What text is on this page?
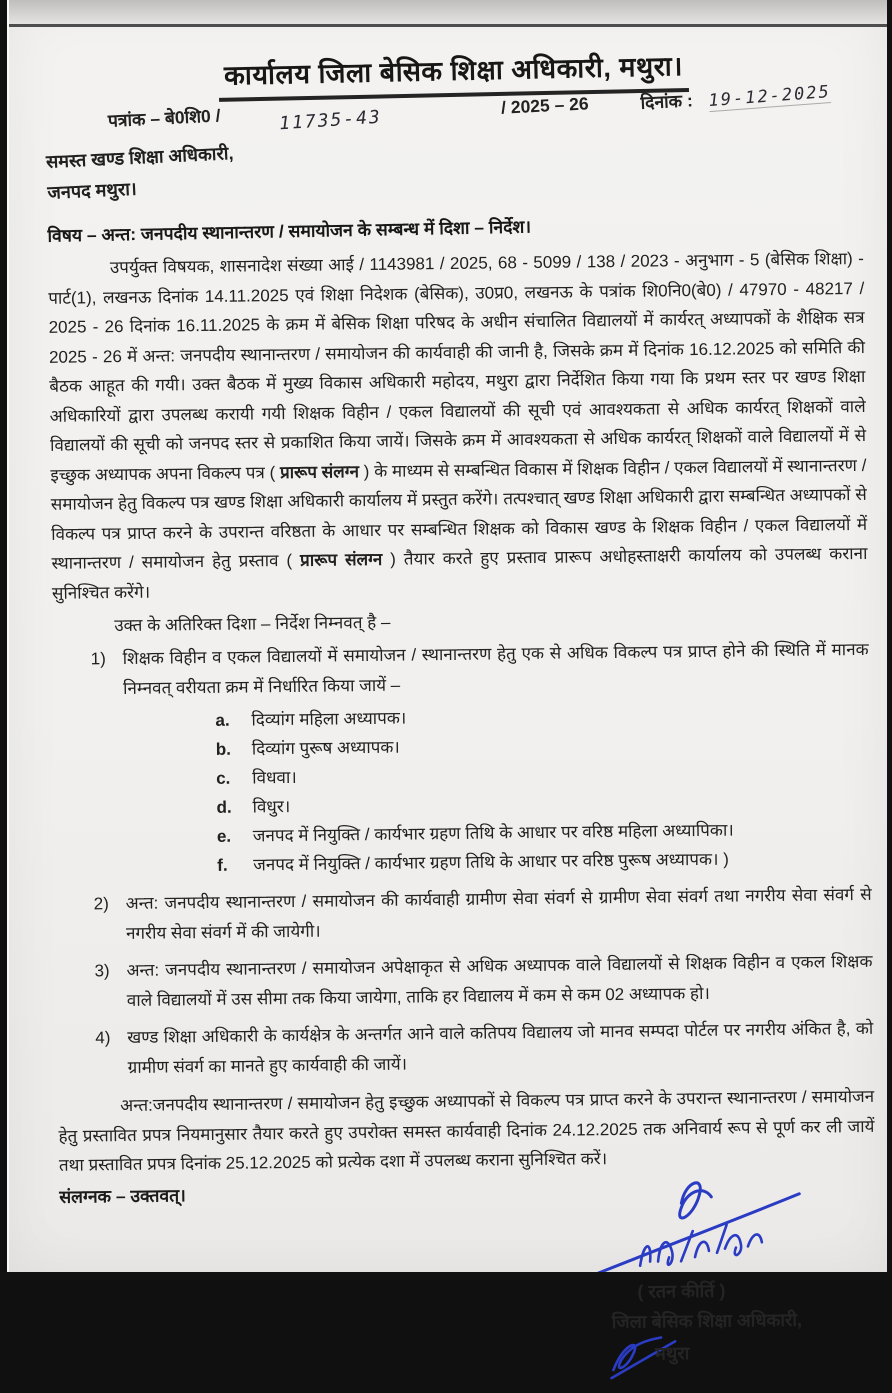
कार्यालय जिला बेसिक शिक्षा अधिकारी, मथुरा।
पत्रांक – बे0शि0 /	11735-43
/ 2025 – 26	दिनांक : 19-12-2025
समस्त खण्ड शिक्षा अधिकारी,
जनपद मथुरा।
विषय – अन्त: जनपदीय स्थानान्तरण / समायोजन के सम्बन्ध में दिशा – निर्देश।
उपर्युक्त विषयक, शासनादेश संख्या आई / 1143981 / 2025, 68 - 5099 / 138 / 2023 - अनुभाग - 5 (बेसिक शिक्षा) - पार्ट(1), लखनऊ दिनांक 14.11.2025 एवं शिक्षा निदेशक (बेसिक), उ0प्र0, लखनऊ के पत्रांक शि0नि0(बे0) / 47970 - 48217 / 2025 - 26 दिनांक 16.11.2025 के क्रम में बेसिक शिक्षा परिषद के अधीन संचालित विद्यालयों में कार्यरत् अध्यापकों के शैक्षिक सत्र 2025 - 26 में अन्त: जनपदीय स्थानान्तरण / समायोजन की कार्यवाही की जानी है, जिसके क्रम में दिनांक 16.12.2025 को समिति की बैठक आहूत की गयी। उक्त बैठक में मुख्य विकास अधिकारी महोदय, मथुरा द्वारा निर्देशित किया गया कि प्रथम स्तर पर खण्ड शिक्षा अधिकारियों द्वारा उपलब्ध करायी गयी शिक्षक विहीन / एकल विद्यालयों की सूची एवं आवश्यकता से अधिक कार्यरत् शिक्षकों वाले विद्यालयों की सूची को जनपद स्तर से प्रकाशित किया जायें। जिसके क्रम में आवश्यकता से अधिक कार्यरत् शिक्षकों वाले विद्यालयों में से इच्छुक अध्यापक अपना विकल्प पत्र ( प्रारूप संलग्न ) के माध्यम से सम्बन्धित विकास में शिक्षक विहीन / एकल विद्यालयों में स्थानान्तरण / समायोजन हेतु विकल्प पत्र खण्ड शिक्षा अधिकारी कार्यालय में प्रस्तुत करेंगे। तत्पश्चात् खण्ड शिक्षा अधिकारी द्वारा सम्बन्धित अध्यापकों से विकल्प पत्र प्राप्त करने के उपरान्त वरिष्ठता के आधार पर सम्बन्धित शिक्षक को विकास खण्ड के शिक्षक विहीन / एकल विद्यालयों में स्थानान्तरण / समायोजन हेतु प्रस्ताव ( प्रारूप संलग्न ) तैयार करते हुए प्रस्ताव प्रारूप अधोहस्ताक्षरी कार्यालय को उपलब्ध कराना सुनिश्चित करेंगे।
उक्त के अतिरिक्त दिशा – निर्देश निम्नवत् है –
1) शिक्षक विहीन व एकल विद्यालयों में समायोजन / स्थानान्तरण हेतु एक से अधिक विकल्प पत्र प्राप्त होने की स्थिति में मानक निम्नवत् वरीयता क्रम में निर्धारित किया जायें –
a. दिव्यांग महिला अध्यापक।
b. दिव्यांग पुरूष अध्यापक।
c. विधवा।
d. विधुर।
e. जनपद में नियुक्ति / कार्यभार ग्रहण तिथि के आधार पर वरिष्ठ महिला अध्यापिका।
f. जनपद में नियुक्ति / कार्यभार ग्रहण तिथि के आधार पर वरिष्ठ पुरूष अध्यापक। )
2) अन्त: जनपदीय स्थानान्तरण / समायोजन की कार्यवाही ग्रामीण सेवा संवर्ग से ग्रामीण सेवा संवर्ग तथा नगरीय सेवा संवर्ग से नगरीय सेवा संवर्ग में की जायेगी।
3) अन्त: जनपदीय स्थानान्तरण / समायोजन अपेक्षाकृत से अधिक अध्यापक वाले विद्यालयों से शिक्षक विहीन व एकल शिक्षक वाले विद्यालयों में उस सीमा तक किया जायेगा, ताकि हर विद्यालय में कम से कम 02 अध्यापक हो।
4) खण्ड शिक्षा अधिकारी के कार्यक्षेत्र के अन्तर्गत आने वाले कतिपय विद्यालय जो मानव सम्पदा पोर्टल पर नगरीय अंकित है, को ग्रामीण संवर्ग का मानते हुए कार्यवाही की जायें।
अन्त:जनपदीय स्थानान्तरण / समायोजन हेतु इच्छुक अध्यापकों से विकल्प पत्र प्राप्त करने के उपरान्त स्थानान्तरण / समायोजन हेतु प्रस्तावित प्रपत्र नियमानुसार तैयार करते हुए उपरोक्त समस्त कार्यवाही दिनांक 24.12.2025 तक अनिवार्य रूप से पूर्ण कर ली जायें तथा प्रस्तावित प्रपत्र दिनांक 25.12.2025 को प्रत्येक दशा में उपलब्ध कराना सुनिश्चित करें।
संलग्नक – उक्तवत्।
( रतन कीर्ति )
जिला बेसिक शिक्षा अधिकारी,
मथुरा
